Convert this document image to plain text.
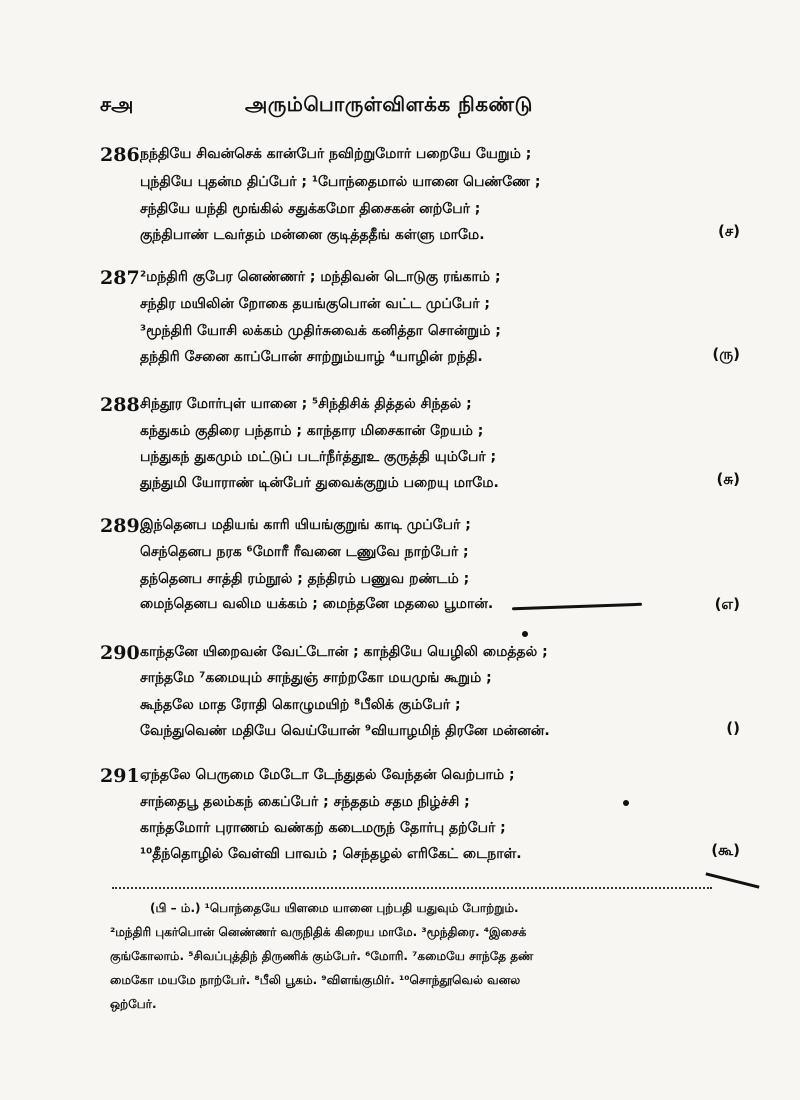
சஅ	அரும்பொருள்விளக்க நிகண்டு
286 நந்தியே சிவன்செக் கான்பேர் நவிற்றுமோர் பறையே யேறும் ;
புந்தியே புதன்ம திப்பேர் ; ¹போந்தைமால் யானை பெண்ணே ;
சந்தியே யந்தி மூங்கில் சதுக்கமோ திசைகன் னற்பேர் ;
குந்திபாண் டவர்தம் மன்னை குடித்ததீங் கள்ளு மாமே.	(ச)
287 ²மந்திரி குபேர னெண்ணர் ; மந்திவன் டொடுகு ரங்காம் ;
சந்திர மயிலின் றோகை தயங்குபொன் வட்ட முப்பேர் ;
³மூந்திரி யோசி லக்கம் முதிர்சுவைக் கனித்தா சொன்றும் ;
தந்திரி சேனை காப்போன் சாற்றும்யாழ் ⁴யாழின் றந்தி.	(ரு)
288 சிந்தூர மோர்புள் யானை ; ⁵சிந்திசிக் தித்தல் சிந்தல் ;
கந்துகம் குதிரை பந்தாம் ; காந்தார மிசைகான் றேயம் ;
பந்துகந் துகமும் மட்டுப் படர்நீர்த்தூஉ குருத்தி யும்பேர் ;
துந்துமி யோராண் டின்பேர் துவைக்குறும் பறையு மாமே.	(சு)
289 இந்தெனப மதியங் காரி யியங்குறுங் காடி முப்பேர் ;
செந்தெனப நரக ⁶மோரீ ரீவனை டணுவே நாற்பேர் ;
தந்தெனப சாத்தி ரம்நூல் ; தந்திரம் பணுவ றண்டம் ;
மைந்தெனப வலிம யக்கம் ; மைந்தனே மதலை பூமான்.	(எ)
290 காந்தனே யிறைவன் வேட்டோன் ; காந்தியே யெழிலி மைத்தல் ;
சாந்தமே ⁷கமையும் சாந்துஞ் சாற்றகோ மயமுங் கூறும் ;
கூந்தலே மாத ரோதி கொழுமயிற் ⁸பீலிக் கும்பேர் ;
வேந்துவெண் மதியே வெய்யோன் ⁹வியாழமிந் திரனே மன்னன்.	()
291 ஏந்தலே பெருமை மேடோ டேந்துதல் வேந்தன் வெற்பாம் ;
சாந்தைபூ தலம்கந் கைப்பேர் ; சந்ததம் சதம நிழ்ச்சி ;
காந்தமோர் புராணம் வண்கற் கடைமருந் தோர்பு தற்பேர் ;
¹⁰தீந்தொழில் வேள்வி பாவம் ; செந்தழல் எரிகேட் டைநாள்.	(கூ)
(பி – ம்.) ¹பொந்தையே யிளமை யானை புற்பதி யதுவும் போற்றும்.
²மந்திரி புகர்பொன் னெண்ணர் வருநிதிக் கிறைய மாமே. ³மூந்திரை. ⁴இசைக்
குங்கோலாம். ⁵சிவப்புத்திந் திருணிக் கும்பேர். ⁶மோரி. ⁷கமையே சாந்தே தண்
மைகோ மயமே நாற்பேர். ⁸பீலி பூகம். ⁹விளங்குமிர். ¹⁰சொந்தூவெல் வனல
ஒற்பேர்.
